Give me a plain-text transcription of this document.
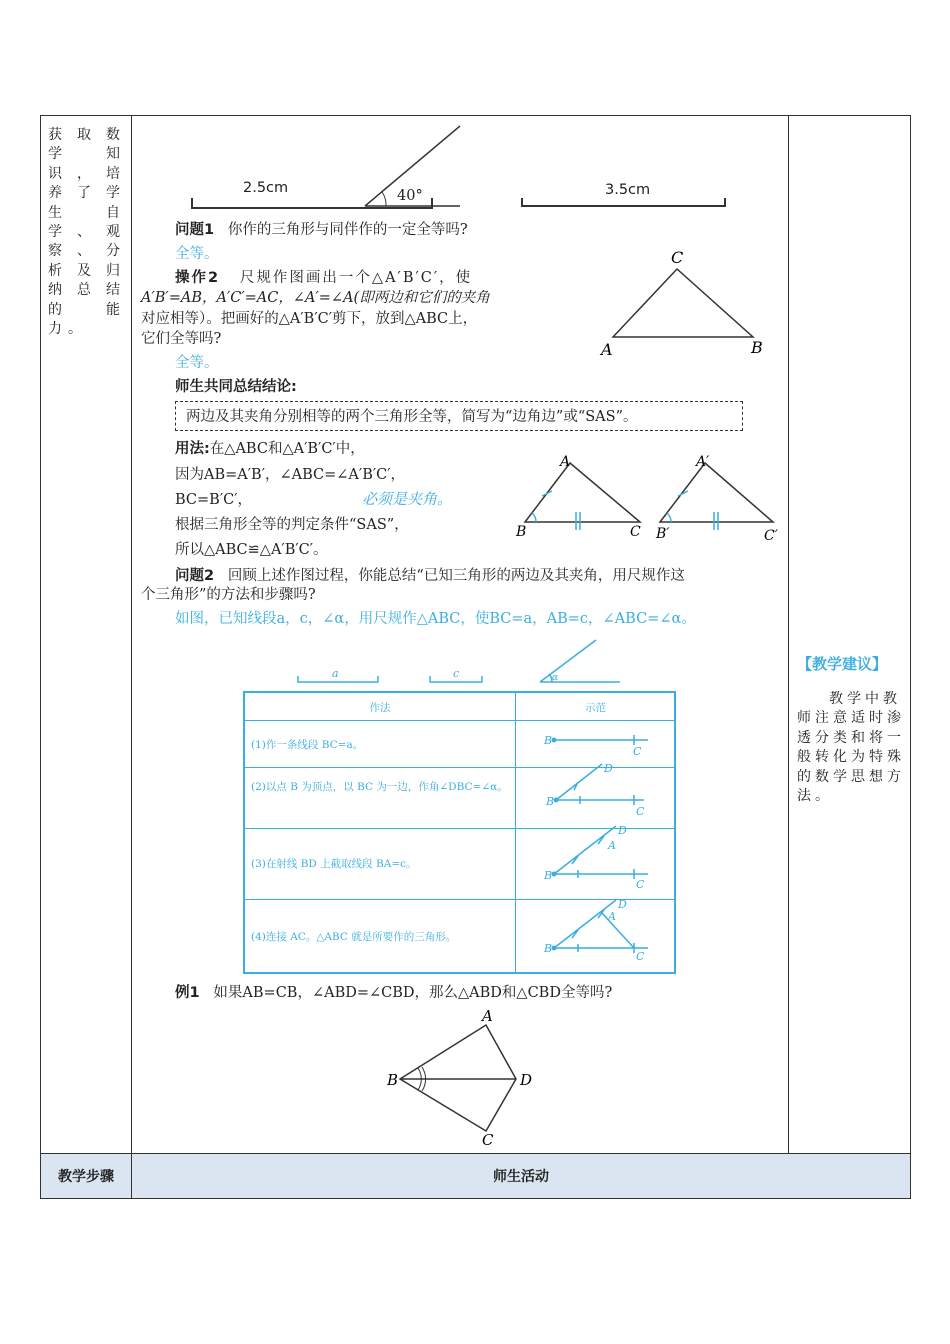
教学步骤	师生活动
获取数学知识，培养了学生自学、观察、分析及归纳总结的能力。
【教学建议】
教学中教师注意适时渗透分类和将一般转化为特殊的数学思想方法。
2.5cm	40°	3.5cm
问题1 你作的三角形与同伴作的一定全等吗?
全等。
操作2 尺规作图画出一个△A′B′C′，使
A′B′=AB，A′C′=AC，∠A′=∠A(即两边和它们的夹角
对应相等）。把画好的△A′B′C′剪下，放到△ABC上，
它们全等吗?
全等。
C
A	B
师生共同总结结论:
两边及其夹角分别相等的两个三角形全等，简写为“边角边”或“SAS”。
用法:在△ABC和△A′B′C′中，
因为AB=A′B′，∠ABC=∠A′B′C′，
BC=B′C′，	必须是夹角。
根据三角形全等的判定条件“SAS”，
所以△ABC≌△A′B′C′。
A
B	C
A′
B′	C′
问题2 回顾上述作图过程，你能总结“已知三角形的两边及其夹角，用尺规作这
个三角形”的方法和步骤吗?
如图，已知线段a，c，∠α，用尺规作△ABC，使BC=a，AB=c，∠ABC=∠α。
a	c	α
作法	示范
(1)作一条线段 BC=a。
(2)以点 B 为顶点，以 BC 为一边，作角∠DBC=∠α。
(3)在射线 BD 上截取线段 BA=c。
(4)连接 AC。△ABC 就是所要作的三角形。
B
C
B
C
D
B
C
D
A
B
C
D
A
例1 如果AB=CB，∠ABD=∠CBD，那么△ABD和△CBD全等吗?
A
B	D
C
